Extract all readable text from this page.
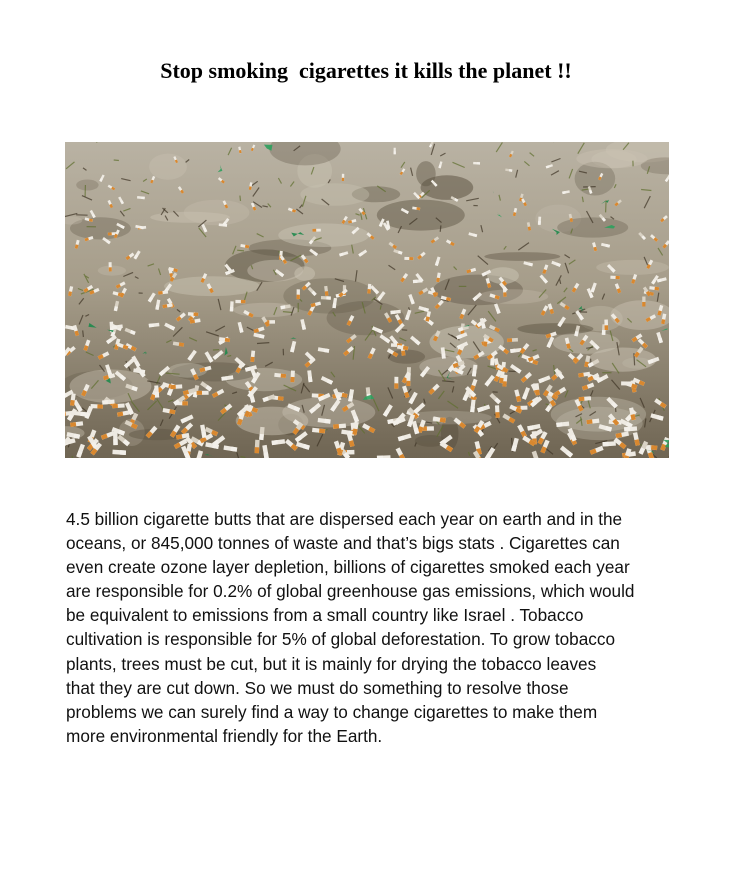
Stop smoking  cigarettes it kills the planet !!
4.5 billion cigarette butts that are dispersed each year on earth and in the
oceans, or 845,000 tonnes of waste and that’s bigs stats . Cigarettes can
even create ozone layer depletion, billions of cigarettes smoked each year
are responsible for 0.2% of global greenhouse gas emissions, which would
be equivalent to emissions from a small country like Israel . Tobacco
cultivation is responsible for 5% of global deforestation. To grow tobacco
plants, trees must be cut, but it is mainly for drying the tobacco leaves
that they are cut down. So we must do something to resolve those
problems we can surely find a way to change cigarettes to make them
more environmental friendly for the Earth.
